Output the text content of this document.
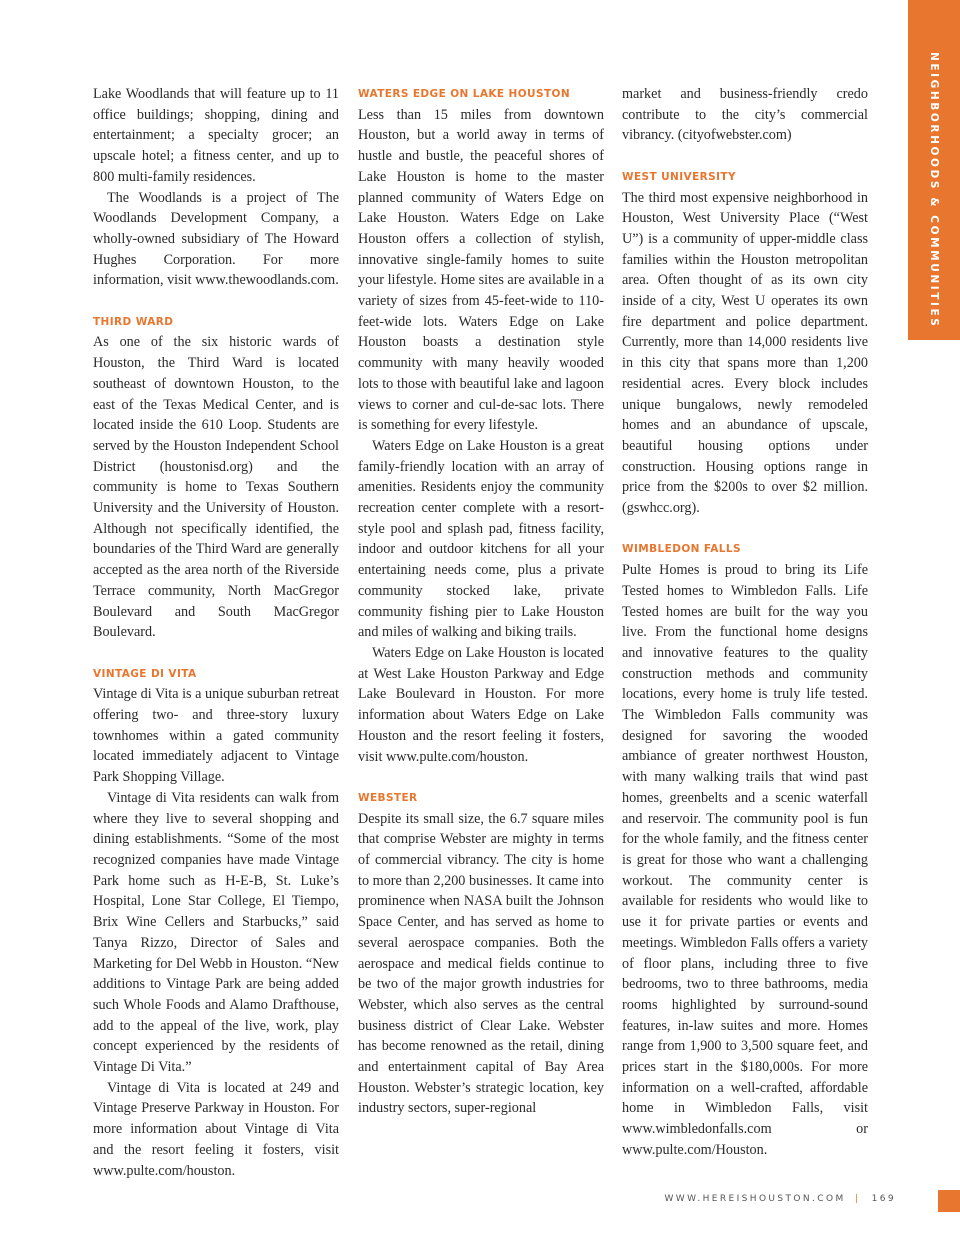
NEIGHBORHOODS & COMMUNITIES

Lake Woodlands that will feature up to 11 office buildings; shopping, dining and entertainment; a specialty grocer; an upscale hotel; a fitness center, and up to 800 multi-family residences.

The Woodlands is a project of The Woodlands Development Company, a wholly-owned subsidiary of The Howard Hughes Corporation. For more information, visit www.thewoodlands.com.

THIRD WARD

As one of the six historic wards of Houston, the Third Ward is located southeast of downtown Houston, to the east of the Texas Medical Center, and is located inside the 610 Loop. Students are served by the Houston Independent School District (houstonisd.org) and the community is home to Texas Southern University and the University of Houston. Although not specifically identified, the boundaries of the Third Ward are generally accepted as the area north of the Riverside Terrace community, North MacGregor Boulevard and South MacGregor Boulevard.

VINTAGE DI VITA

Vintage di Vita is a unique suburban retreat offering two- and three-story luxury townhomes within a gated community located immediately adjacent to Vintage Park Shopping Village.

Vintage di Vita residents can walk from where they live to several shopping and dining establishments. “Some of the most recognized companies have made Vintage Park home such as H-E-B, St. Luke’s Hospital, Lone Star College, El Tiempo, Brix Wine Cellers and Starbucks,” said Tanya Rizzo, Director of Sales and Marketing for Del Webb in Houston. “New additions to Vintage Park are being added such Whole Foods and Alamo Drafthouse, add to the appeal of the live, work, play concept experienced by the residents of Vintage Di Vita.”

Vintage di Vita is located at 249 and Vintage Preserve Parkway in Houston. For more information about Vintage di Vita and the resort feeling it fosters, visit www.pulte.com/houston.

WATERS EDGE ON LAKE HOUSTON

Less than 15 miles from downtown Houston, but a world away in terms of hustle and bustle, the peaceful shores of Lake Houston is home to the master planned community of Waters Edge on Lake Houston. Waters Edge on Lake Houston offers a collection of stylish, innovative single-family homes to suite your lifestyle. Home sites are available in a variety of sizes from 45-feet-wide to 110-feet-wide lots. Waters Edge on Lake Houston boasts a destination style community with many heavily wooded lots to those with beautiful lake and lagoon views to corner and cul-de-sac lots. There is something for every lifestyle.

Waters Edge on Lake Houston is a great family-friendly location with an array of amenities. Residents enjoy the community recreation center complete with a resort-style pool and splash pad, fitness facility, indoor and outdoor kitchens for all your entertaining needs come, plus a private community stocked lake, private community fishing pier to Lake Houston and miles of walking and biking trails.

Waters Edge on Lake Houston is located at West Lake Houston Parkway and Edge Lake Boulevard in Houston. For more information about Waters Edge on Lake Houston and the resort feeling it fosters, visit www.pulte.com/houston.

WEBSTER

Despite its small size, the 6.7 square miles that comprise Webster are mighty in terms of commercial vibrancy. The city is home to more than 2,200 businesses. It came into prominence when NASA built the Johnson Space Center, and has served as home to several aerospace companies. Both the aerospace and medical fields continue to be two of the major growth industries for Webster, which also serves as the central business district of Clear Lake. Webster has become renowned as the retail, dining and entertainment capital of Bay Area Houston. Webster’s strategic location, key industry sectors, super-regional

market and business-friendly credo contribute to the city’s commercial vibrancy. (cityofwebster.com)

WEST UNIVERSITY

The third most expensive neighborhood in Houston, West University Place (“West U”) is a community of upper-middle class families within the Houston metropolitan area. Often thought of as its own city inside of a city, West U operates its own fire department and police department. Currently, more than 14,000 residents live in this city that spans more than 1,200 residential acres. Every block includes unique bungalows, newly remodeled homes and an abundance of upscale, beautiful housing options under construction. Housing options range in price from the $200s to over $2 million. (gswhcc.org).

WIMBLEDON FALLS

Pulte Homes is proud to bring its Life Tested homes to Wimbledon Falls. Life Tested homes are built for the way you live. From the functional home designs and innovative features to the quality construction methods and community locations, every home is truly life tested. The Wimbledon Falls community was designed for savoring the wooded ambiance of greater northwest Houston, with many walking trails that wind past homes, greenbelts and a scenic waterfall and reservoir. The community pool is fun for the whole family, and the fitness center is great for those who want a challenging workout. The community center is available for residents who would like to use it for private parties or events and meetings. Wimbledon Falls offers a variety of floor plans, including three to five bedrooms, two to three bathrooms, media rooms highlighted by surround-sound features, in-law suites and more. Homes range from 1,900 to 3,500 square feet, and prices start in the $180,000s. For more information on a well-crafted, affordable home in Wimbledon Falls, visit www.wimbledonfalls.com or www.pulte.com/Houston.

WWW.HEREISHOUSTON.COM | 169
